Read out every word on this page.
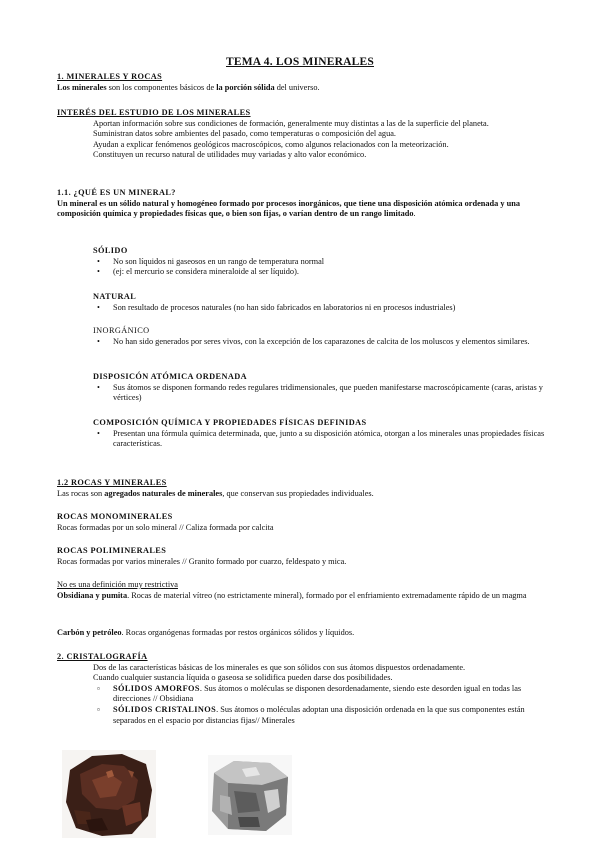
TEMA 4. LOS MINERALES
1. MINERALES Y ROCAS
Los minerales son los componentes básicos de la porción sólida del universo.
INTERÉS DEL ESTUDIO DE LOS MINERALES
Aportan información sobre sus condiciones de formación, generalmente muy distintas a las de la superficie del planeta.
Suministran datos sobre ambientes del pasado, como temperaturas o composición del agua.
Ayudan a explicar fenómenos geológicos macroscópicos, como algunos relacionados con la meteorización.
Constituyen un recurso natural de utilidades muy variadas y alto valor económico.
1.1. ¿QUÉ ES UN MINERAL?
Un mineral es un sólido natural y homogéneo formado por procesos inorgánicos, que tiene una disposición atómica ordenada y una composición química y propiedades físicas que, o bien son fijas, o varían dentro de un rango limitado.
SÓLIDO
• No son líquidos ni gaseosos en un rango de temperatura normal
• (ej: el mercurio se considera mineraloide al ser líquido).
NATURAL
• Son resultado de procesos naturales (no han sido fabricados en laboratorios ni en procesos industriales)
INORGÁNICO
• No han sido generados por seres vivos, con la excepción de los caparazones de calcita de los moluscos y elementos similares.
DISPOSICÓN ATÓMICA ORDENADA
• Sus átomos se disponen formando redes regulares tridimensionales, que pueden manifestarse macroscópicamente (caras, aristas y vértices)
COMPOSICIÓN QUÍMICA Y PROPIEDADES FÍSICAS DEFINIDAS
• Presentan una fórmula química determinada, que, junto a su disposición atómica, otorgan a los minerales unas propiedades físicas características.
1.2 ROCAS Y MINERALES
Las rocas son agregados naturales de minerales, que conservan sus propiedades individuales.
ROCAS MONOMINERALES
Rocas formadas por un solo mineral // Caliza formada por calcita
ROCAS POLIMINERALES
Rocas formadas por varios minerales // Granito formado por cuarzo, feldespato y mica.
No es una definición muy restrictiva
Obsidiana y pumita. Rocas de material vítreo (no estrictamente mineral), formado por el enfriamiento extremadamente rápido de un magma
Carbón y petróleo. Rocas organógenas formadas por restos orgánicos sólidos y líquidos.
2. CRISTALOGRAFÍA
Dos de las características básicas de los minerales es que son sólidos con sus átomos dispuestos ordenadamente.
Cuando cualquier sustancia líquida o gaseosa se solidifica pueden darse dos posibilidades.
▫ SÓLIDOS AMORFOS. Sus átomos o moléculas se disponen desordenadamente, siendo este desorden igual en todas las direcciones // Obsidiana
▫ SÓLIDOS CRISTALINOS. Sus átomos o moléculas adoptan una disposición ordenada en la que sus componentes están separados en el espacio por distancias fijas// Minerales
